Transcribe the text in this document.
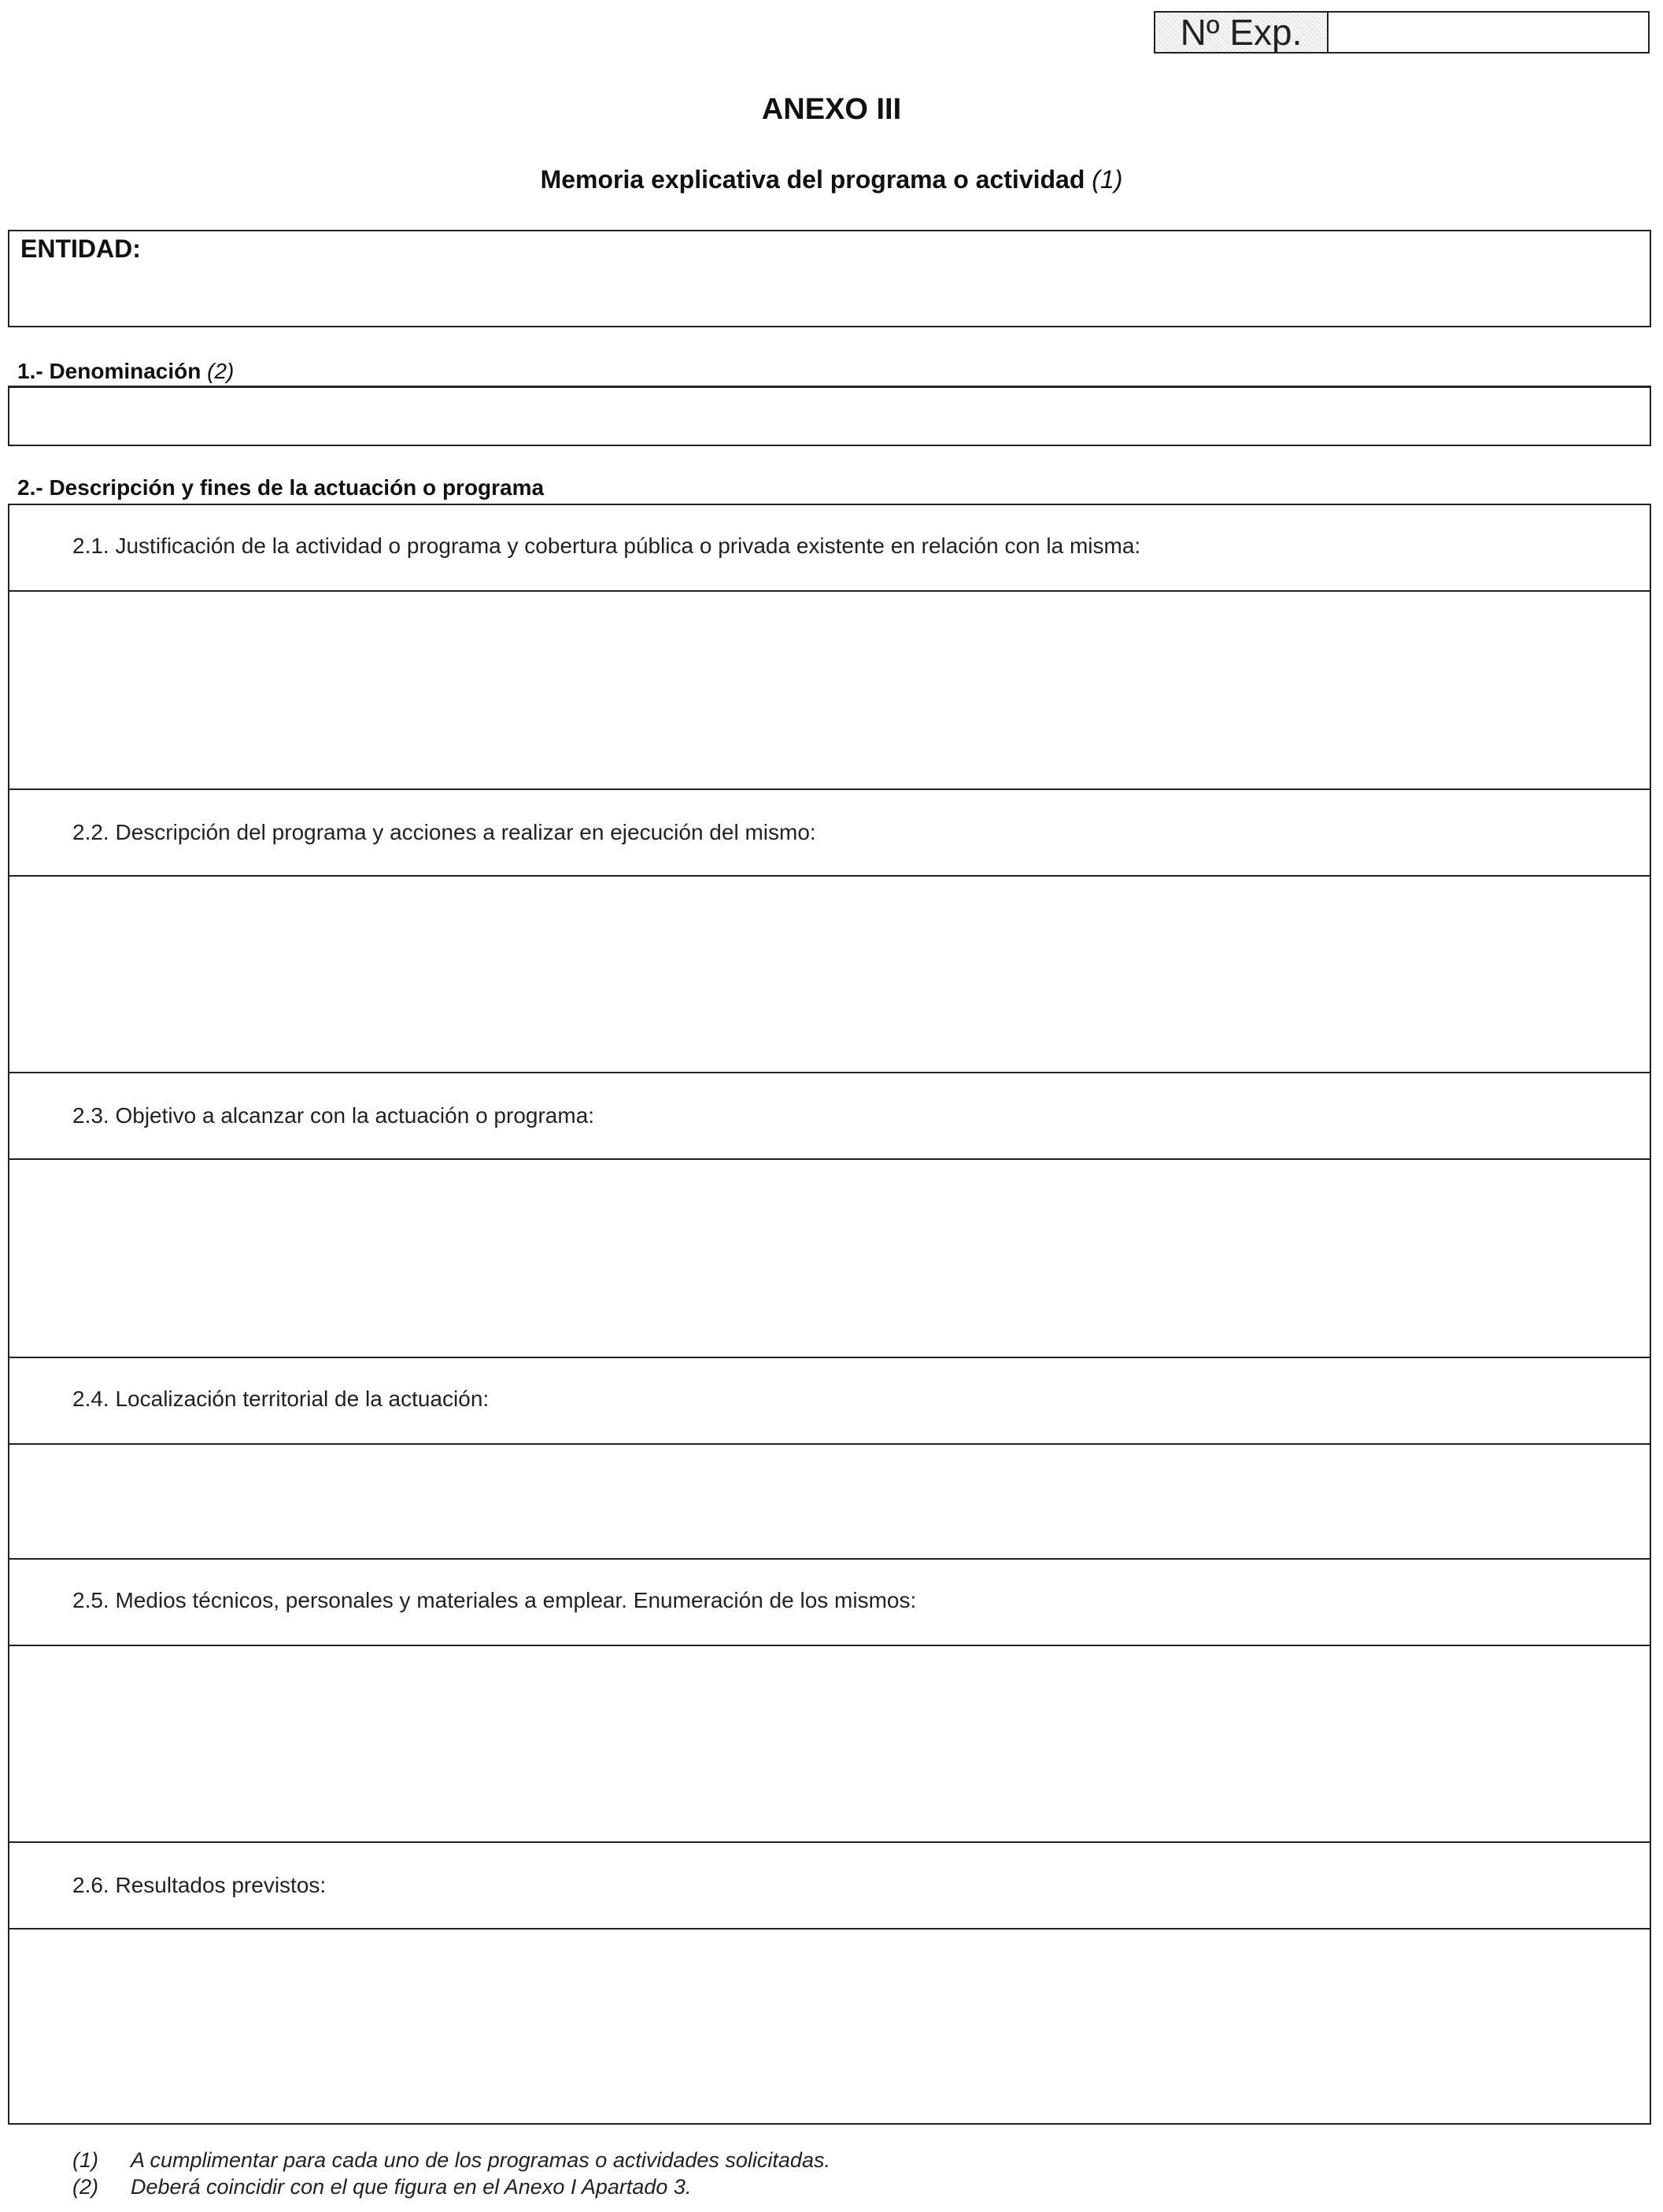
Nº Exp.
ANEXO III
Memoria explicativa del programa o actividad (1)
ENTIDAD:
1.- Denominación (2)
2.- Descripción y fines de la actuación o programa
2.1. Justificación de la actividad o programa y cobertura pública o privada existente en relación con la misma:
2.2. Descripción del programa y acciones a realizar en ejecución del mismo:
2.3. Objetivo a alcanzar con la actuación o programa:
2.4. Localización territorial de la actuación:
2.5. Medios técnicos, personales y materiales a emplear. Enumeración de los mismos:
2.6. Resultados previstos:
(1) A cumplimentar para cada uno de los programas o actividades solicitadas.
(2) Deberá coincidir con el que figura en el Anexo I Apartado 3.
